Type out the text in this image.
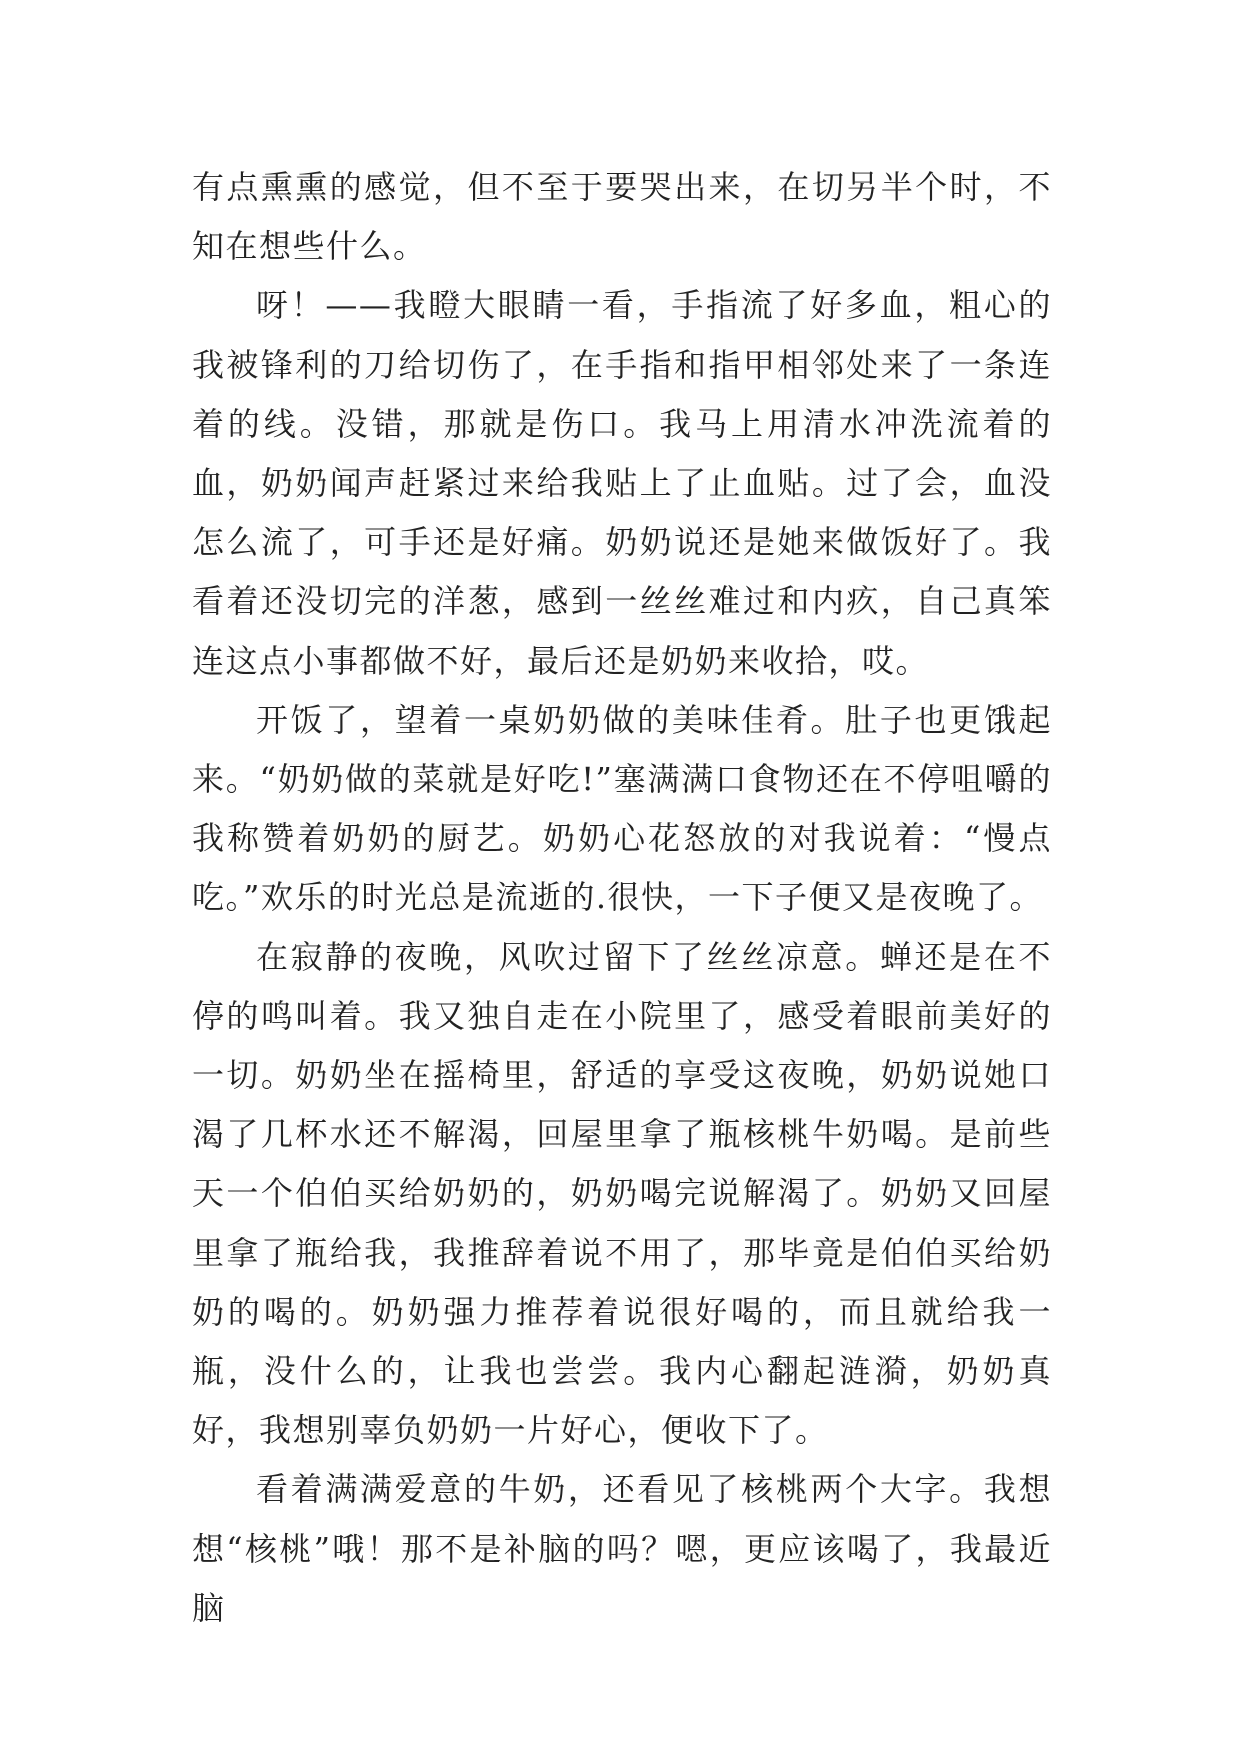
有点熏熏的感觉，但不至于要哭出来，在切另半个时，不知在想些什么。

呀！——我瞪大眼睛一看，手指流了好多血，粗心的我被锋利的刀给切伤了，在手指和指甲相邻处来了一条连着的线。没错，那就是伤口。我马上用清水冲洗流着的血，奶奶闻声赶紧过来给我贴上了止血贴。过了会，血没怎么流了，可手还是好痛。奶奶说还是她来做饭好了。我看着还没切完的洋葱，感到一丝丝难过和内疚，自己真笨连这点小事都做不好，最后还是奶奶来收拾，哎。

开饭了，望着一桌奶奶做的美味佳肴。肚子也更饿起来。“奶奶做的菜就是好吃!”塞满满口食物还在不停咀嚼的我称赞着奶奶的厨艺。奶奶心花怒放的对我说着：“慢点吃。”欢乐的时光总是流逝的.很快，一下子便又是夜晚了。

在寂静的夜晚，风吹过留下了丝丝凉意。蝉还是在不停的鸣叫着。我又独自走在小院里了，感受着眼前美好的一切。奶奶坐在摇椅里，舒适的享受这夜晚，奶奶说她口渴了几杯水还不解渴，回屋里拿了瓶核桃牛奶喝。是前些天一个伯伯买给奶奶的，奶奶喝完说解渴了。奶奶又回屋里拿了瓶给我，我推辞着说不用了，那毕竟是伯伯买给奶奶的喝的。奶奶强力推荐着说很好喝的，而且就给我一瓶，没什么的，让我也尝尝。我内心翻起涟漪，奶奶真好，我想别辜负奶奶一片好心，便收下了。

看着满满爱意的牛奶，还看见了核桃两个大字。我想想“核桃”哦！那不是补脑的吗？嗯，更应该喝了，我最近脑
